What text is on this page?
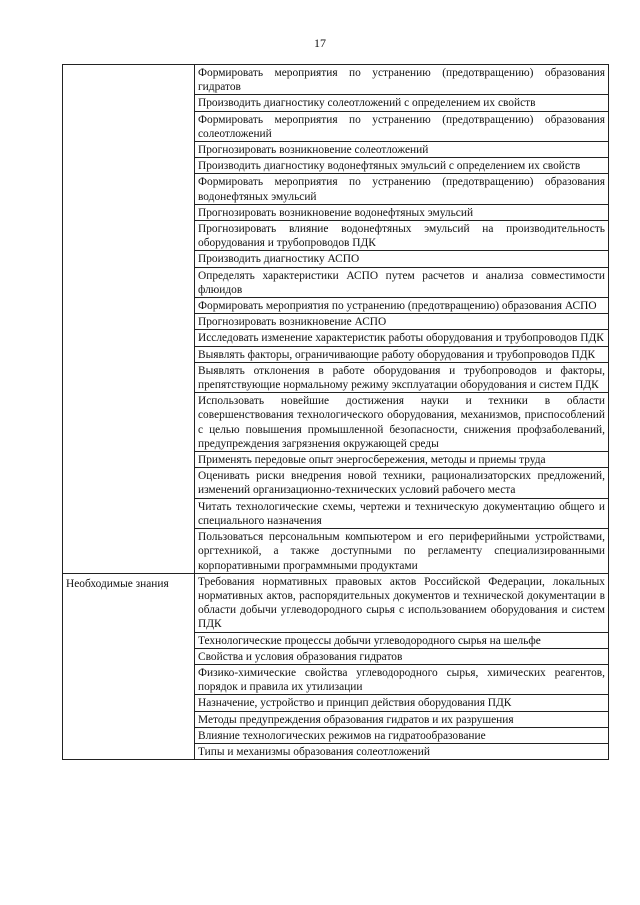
17
	Формировать мероприятия по устранению (предотвращению) образования гидратов
	Производить диагностику солеотложений с определением их свойств
	Формировать мероприятия по устранению (предотвращению) образования солеотложений
	Прогнозировать возникновение солеотложений
	Производить диагностику водонефтяных эмульсий с определением их свойств
	Формировать мероприятия по устранению (предотвращению) образования водонефтяных эмульсий
	Прогнозировать возникновение водонефтяных эмульсий
	Прогнозировать влияние водонефтяных эмульсий на производительность оборудования и трубопроводов ПДК
	Производить диагностику АСПО
	Определять характеристики АСПО путем расчетов и анализа совместимости флюидов
	Формировать мероприятия по устранению (предотвращению) образования АСПО
	Прогнозировать возникновение АСПО
	Исследовать изменение характеристик работы оборудования и трубопроводов ПДК
	Выявлять факторы, ограничивающие работу оборудования и трубопроводов ПДК
	Выявлять отклонения в работе оборудования и трубопроводов и факторы, препятствующие нормальному режиму эксплуатации оборудования и систем ПДК
	Использовать новейшие достижения науки и техники в области совершенствования технологического оборудования, механизмов, приспособлений с целью повышения промышленной безопасности, снижения профзаболеваний, предупреждения загрязнения окружающей среды
	Применять передовые опыт энергосбережения, методы и приемы труда
	Оценивать риски внедрения новой техники, рационализаторских предложений, изменений организационно-технических условий рабочего места
	Читать технологические схемы, чертежи и техническую документацию общего и специального назначения
	Пользоваться персональным компьютером и его периферийными устройствами, оргтехникой, а также доступными по регламенту специализированными корпоративными программными продуктами

Необходимые знания	Требования нормативных правовых актов Российской Федерации, локальных нормативных актов, распорядительных документов и технической документации в области добычи углеводородного сырья с использованием оборудования и систем ПДК
	Технологические процессы добычи углеводородного сырья на шельфе
	Свойства и условия образования гидратов
	Физико-химические свойства углеводородного сырья, химических реагентов, порядок и правила их утилизации
	Назначение, устройство и принцип действия оборудования ПДК
	Методы предупреждения образования гидратов и их разрушения
	Влияние технологических режимов на гидратообразование
	Типы и механизмы образования солеотложений
